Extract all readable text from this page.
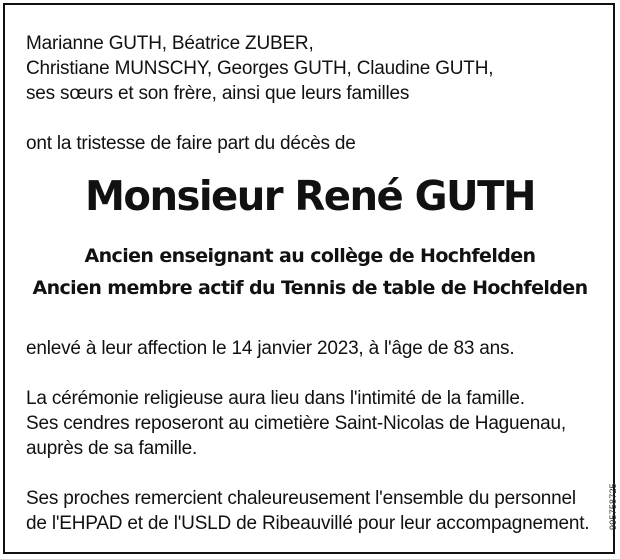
Marianne GUTH, Béatrice ZUBER,
Christiane MUNSCHY, Georges GUTH, Claudine GUTH,
ses sœurs et son frère, ainsi que leurs familles
ont la tristesse de faire part du décès de
Monsieur René GUTH
Ancien enseignant au collège de Hochfelden
Ancien membre actif du Tennis de table de Hochfelden
enlevé à leur affection le 14 janvier 2023, à l'âge de 83 ans.
La cérémonie religieuse aura lieu dans l'intimité de la famille.
Ses cendres reposeront au cimetière Saint-Nicolas de Haguenau,
auprès de sa famille.
Ses proches remercient chaleureusement l'ensemble du personnel
de l'EHPAD et de l'USLD de Ribeauvillé pour leur accompagnement. 995758725
